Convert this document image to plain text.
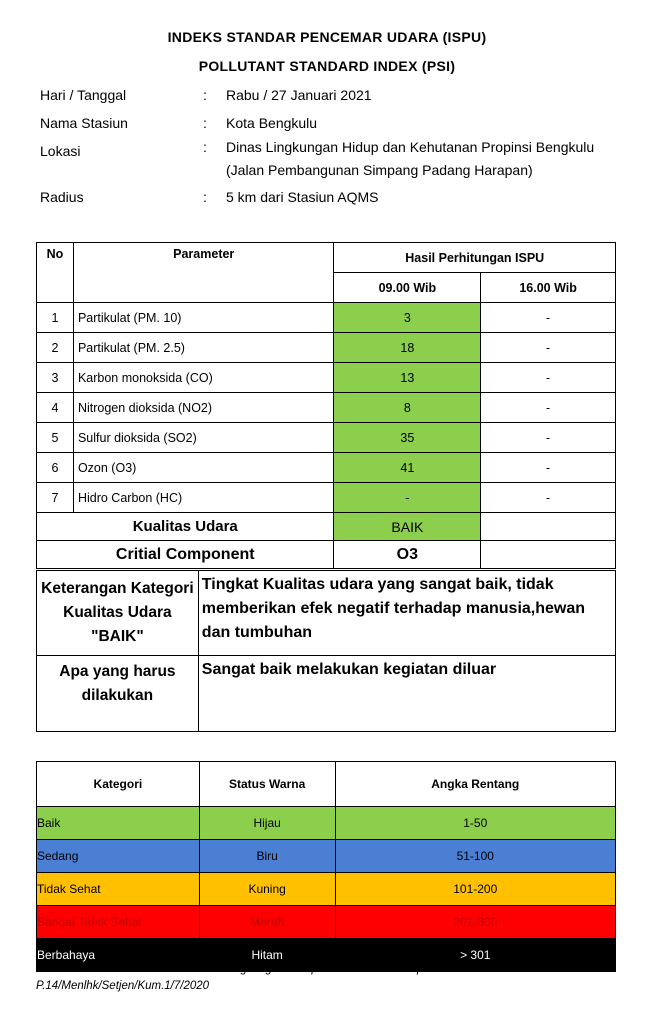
INDEKS STANDAR PENCEMAR UDARA (ISPU)
POLLUTANT STANDARD INDEX (PSI)
Hari / Tanggal	: Rabu / 27 Januari 2021
Nama Stasiun	: Kota Bengkulu
Lokasi	: Dinas Lingkungan Hidup dan Kehutanan Propinsi Bengkulu
(Jalan Pembangunan Simpang Padang Harapan)
Radius	: 5 km dari Stasiun AQMS
No	Parameter	Hasil Perhitungan ISPU	
		09.00 Wib	16.00 Wib
1	Partikulat (PM. 10)	3	-
2	Partikulat (PM. 2.5)	18	-
3	Karbon monoksida (CO)	13	-
4	Nitrogen dioksida (NO2)	8	-
5	Sulfur dioksida (SO2)	35	-
6	Ozon (O3)	41	-
7	Hidro Carbon (HC)	-	-
Kualitas Udara		BAIK	
Critial Component		O3	
Keterangan Kategori Kualitas Udara "BAIK"	Tingkat Kualitas udara yang sangat baik, tidak memberikan efek negatif terhadap manusia,hewan dan tumbuhan
Apa yang harus dilakukan	Sangat baik melakukan kegiatan diluar
Kategori	Status Warna	Angka Rentang
Baik	Hijau	1-50
Sedang	Biru	51-100
Tidak Sehat	Kuning	101-200
Sangat Tidak Sehat	Merah	201-300
Berbahaya	Hitam	> 301
Scale Due Norm : Peraturan Menteri Lingkungan Hidup dan Kehutanan Republik Indonesia Nomor P.14/Menlhk/Setjen/Kum.1/7/2020
